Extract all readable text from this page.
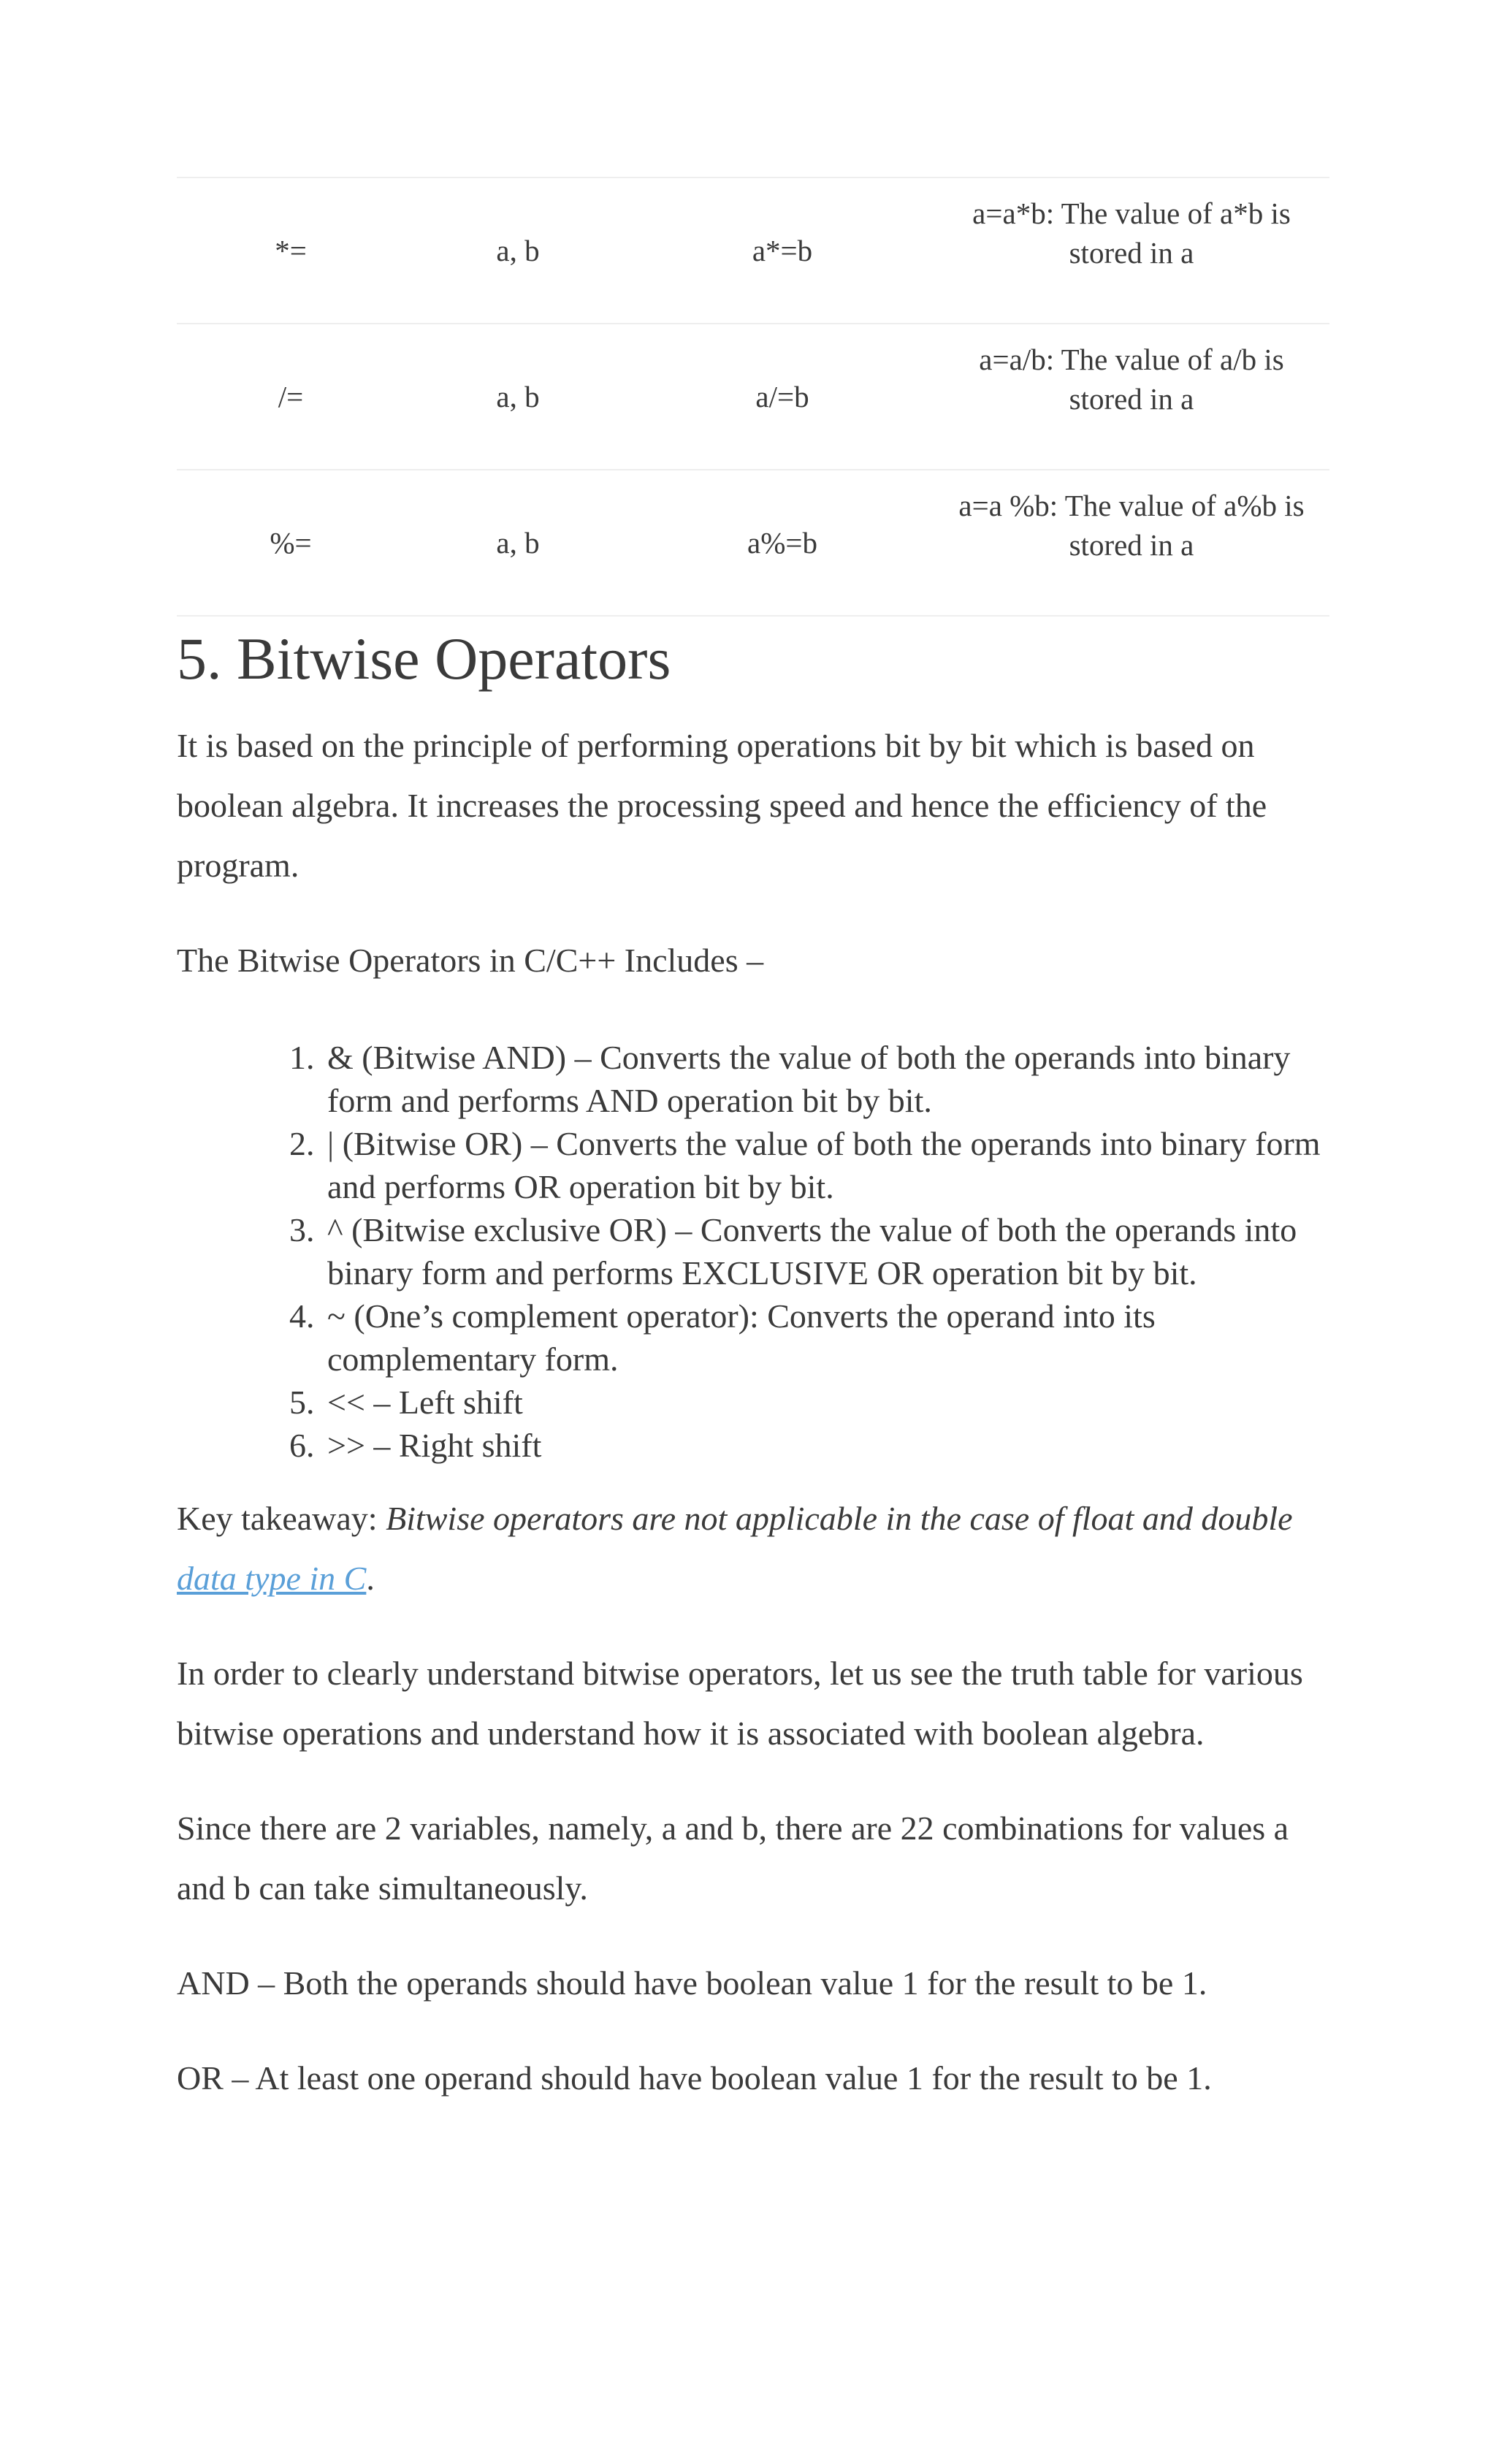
*=	a, b	a*=b	a=a*b: The value of a*b is stored in a

/=	a, b	a/=b	a=a/b: The value of a/b is stored in a

%=	a, b	a%=b	a=a %b: The value of a%b is stored in a
5. Bitwise Operators

It is based on the principle of performing operations bit by bit which is based on boolean algebra. It increases the processing speed and hence the efficiency of the program.

The Bitwise Operators in C/C++ Includes –

1. & (Bitwise AND) – Converts the value of both the operands into binary form and performs AND operation bit by bit.
2. | (Bitwise OR) – Converts the value of both the operands into binary form and performs OR operation bit by bit.
3. ^ (Bitwise exclusive OR) – Converts the value of both the operands into binary form and performs EXCLUSIVE OR operation bit by bit.
4. ~ (One’s complement operator): Converts the operand into its complementary form.
5. << – Left shift
6. >> – Right shift

Key takeaway: Bitwise operators are not applicable in the case of float and double data type in C.

In order to clearly understand bitwise operators, let us see the truth table for various bitwise operations and understand how it is associated with boolean algebra.

Since there are 2 variables, namely, a and b, there are 22 combinations for values a and b can take simultaneously.

AND – Both the operands should have boolean value 1 for the result to be 1.

OR – At least one operand should have boolean value 1 for the result to be 1.
